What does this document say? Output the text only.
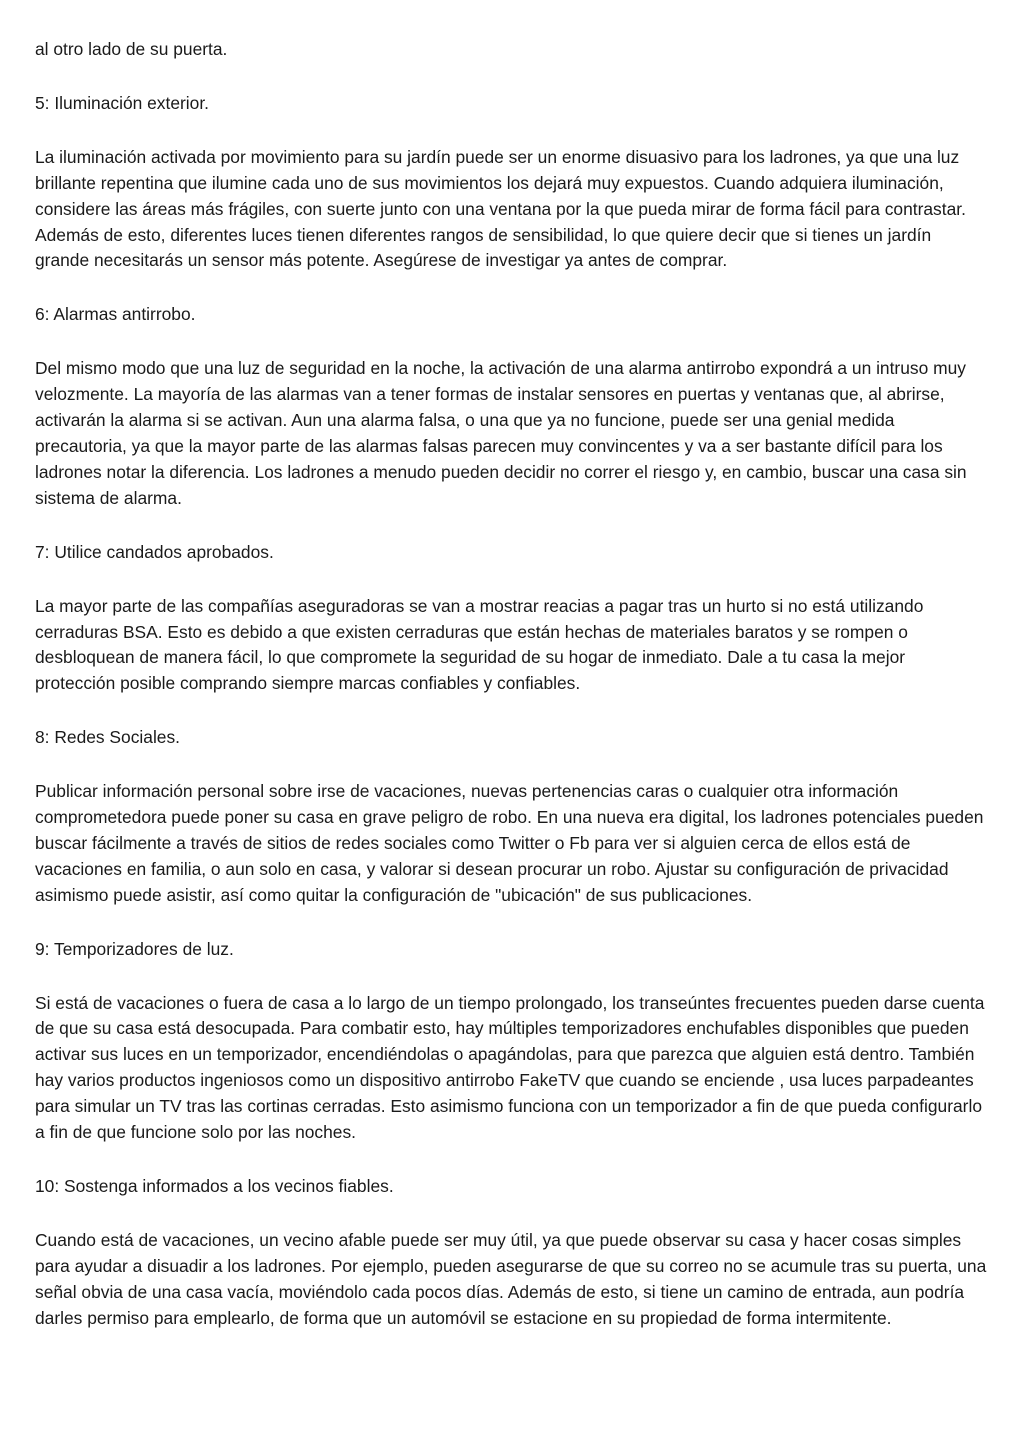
al otro lado de su puerta.

5: Iluminación exterior.

La iluminación activada por movimiento para su jardín puede ser un enorme disuasivo para los ladrones, ya que una luz brillante repentina que ilumine cada uno de sus movimientos los dejará muy expuestos. Cuando adquiera iluminación, considere las áreas más frágiles, con suerte junto con una ventana por la que pueda mirar de forma fácil para contrastar. Además de esto, diferentes luces tienen diferentes rangos de sensibilidad, lo que quiere decir que si tienes un jardín grande necesitarás un sensor más potente. Asegúrese de investigar ya antes de comprar.

6: Alarmas antirrobo.

Del mismo modo que una luz de seguridad en la noche, la activación de una alarma antirrobo expondrá a un intruso muy velozmente. La mayoría de las alarmas van a tener formas de instalar sensores en puertas y ventanas que, al abrirse, activarán la alarma si se activan. Aun una alarma falsa, o una que ya no funcione, puede ser una genial medida precautoria, ya que la mayor parte de las alarmas falsas parecen muy convincentes y va a ser bastante difícil para los ladrones notar la diferencia. Los ladrones a menudo pueden decidir no correr el riesgo y, en cambio, buscar una casa sin sistema de alarma.

7: Utilice candados aprobados.

La mayor parte de las compañías aseguradoras se van a mostrar reacias a pagar tras un hurto si no está utilizando cerraduras BSA. Esto es debido a que existen cerraduras que están hechas de materiales baratos y se rompen o desbloquean de manera fácil, lo que compromete la seguridad de su hogar de inmediato. Dale a tu casa la mejor protección posible comprando siempre marcas confiables y confiables.

8: Redes Sociales.

Publicar información personal sobre irse de vacaciones, nuevas pertenencias caras o cualquier otra información comprometedora puede poner su casa en grave peligro de robo. En una nueva era digital, los ladrones potenciales pueden buscar fácilmente a través de sitios de redes sociales como Twitter o Fb para ver si alguien cerca de ellos está de vacaciones en familia, o aun solo en casa, y valorar si desean procurar un robo. Ajustar su configuración de privacidad asimismo puede asistir, así como quitar la configuración de "ubicación" de sus publicaciones.

9: Temporizadores de luz.

Si está de vacaciones o fuera de casa a lo largo de un tiempo prolongado, los transeúntes frecuentes pueden darse cuenta de que su casa está desocupada. Para combatir esto, hay múltiples temporizadores enchufables disponibles que pueden activar sus luces en un temporizador, encendiéndolas o apagándolas, para que parezca que alguien está dentro. También hay varios productos ingeniosos como un dispositivo antirrobo FakeTV que cuando se enciende , usa luces parpadeantes para simular un TV tras las cortinas cerradas. Esto asimismo funciona con un temporizador a fin de que pueda configurarlo a fin de que funcione solo por las noches.

10: Sostenga informados a los vecinos fiables.

Cuando está de vacaciones, un vecino afable puede ser muy útil, ya que puede observar su casa y hacer cosas simples para ayudar a disuadir a los ladrones. Por ejemplo, pueden asegurarse de que su correo no se acumule tras su puerta, una señal obvia de una casa vacía, moviéndolo cada pocos días. Además de esto, si tiene un camino de entrada, aun podría darles permiso para emplearlo, de forma que un automóvil se estacione en su propiedad de forma intermitente.
